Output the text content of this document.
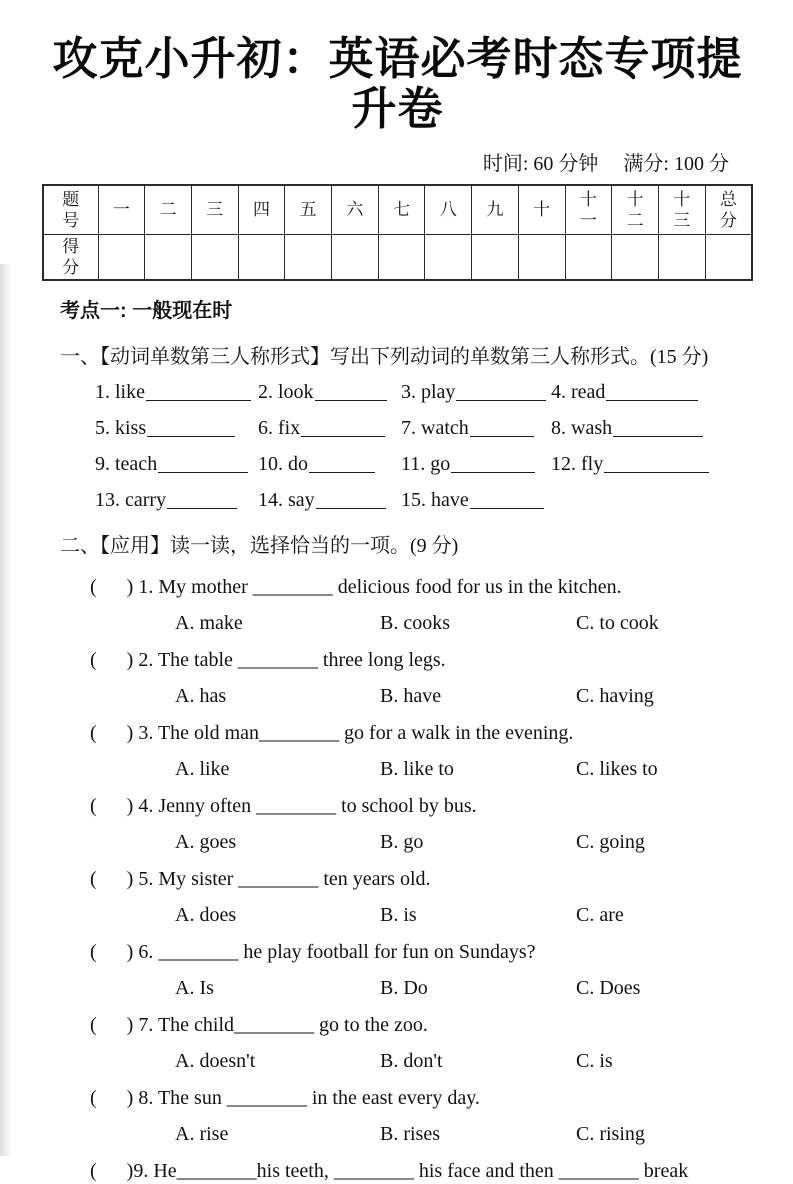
攻克小升初：英语必考时态专项提升卷
时间: 60 分钟　 满分: 100 分
题号	一	二	三	四	五	六	七	八	九	十	十一	十二	十三	总分
得分														
考点一: 一般现在时
一、【动词单数第三人称形式】写出下列动词的单数第三人称形式。(15 分)
1. like	2. look	3. play	4. read
5. kiss	6. fix	7. watch	8. wash
9. teach	10. do	11. go	12. fly
13. carry	14. say	15. have
二、【应用】读一读，选择恰当的一项。(9 分)
(      ) 1. My mother ________ delicious food for us in the kitchen.
A. make	B. cooks	C. to cook
(      ) 2. The table ________ three long legs.
A. has	B. have	C. having
(      ) 3. The old man________ go for a walk in the evening.
A. like	B. like to	C. likes to
(      ) 4. Jenny often ________ to school by bus.
A. goes	B. go	C. going
(      ) 5. My sister ________ ten years old.
A. does	B. is	C. are
(      ) 6. ________ he play football for fun on Sundays?
A. Is	B. Do	C. Does
(      ) 7. The child________ go to the zoo.
A. doesn't	B. don't	C. is
(      ) 8. The sun ________ in the east every day.
A. rise	B. rises	C. rising
(      )9. He________his teeth, ________ his face and then ________ break
